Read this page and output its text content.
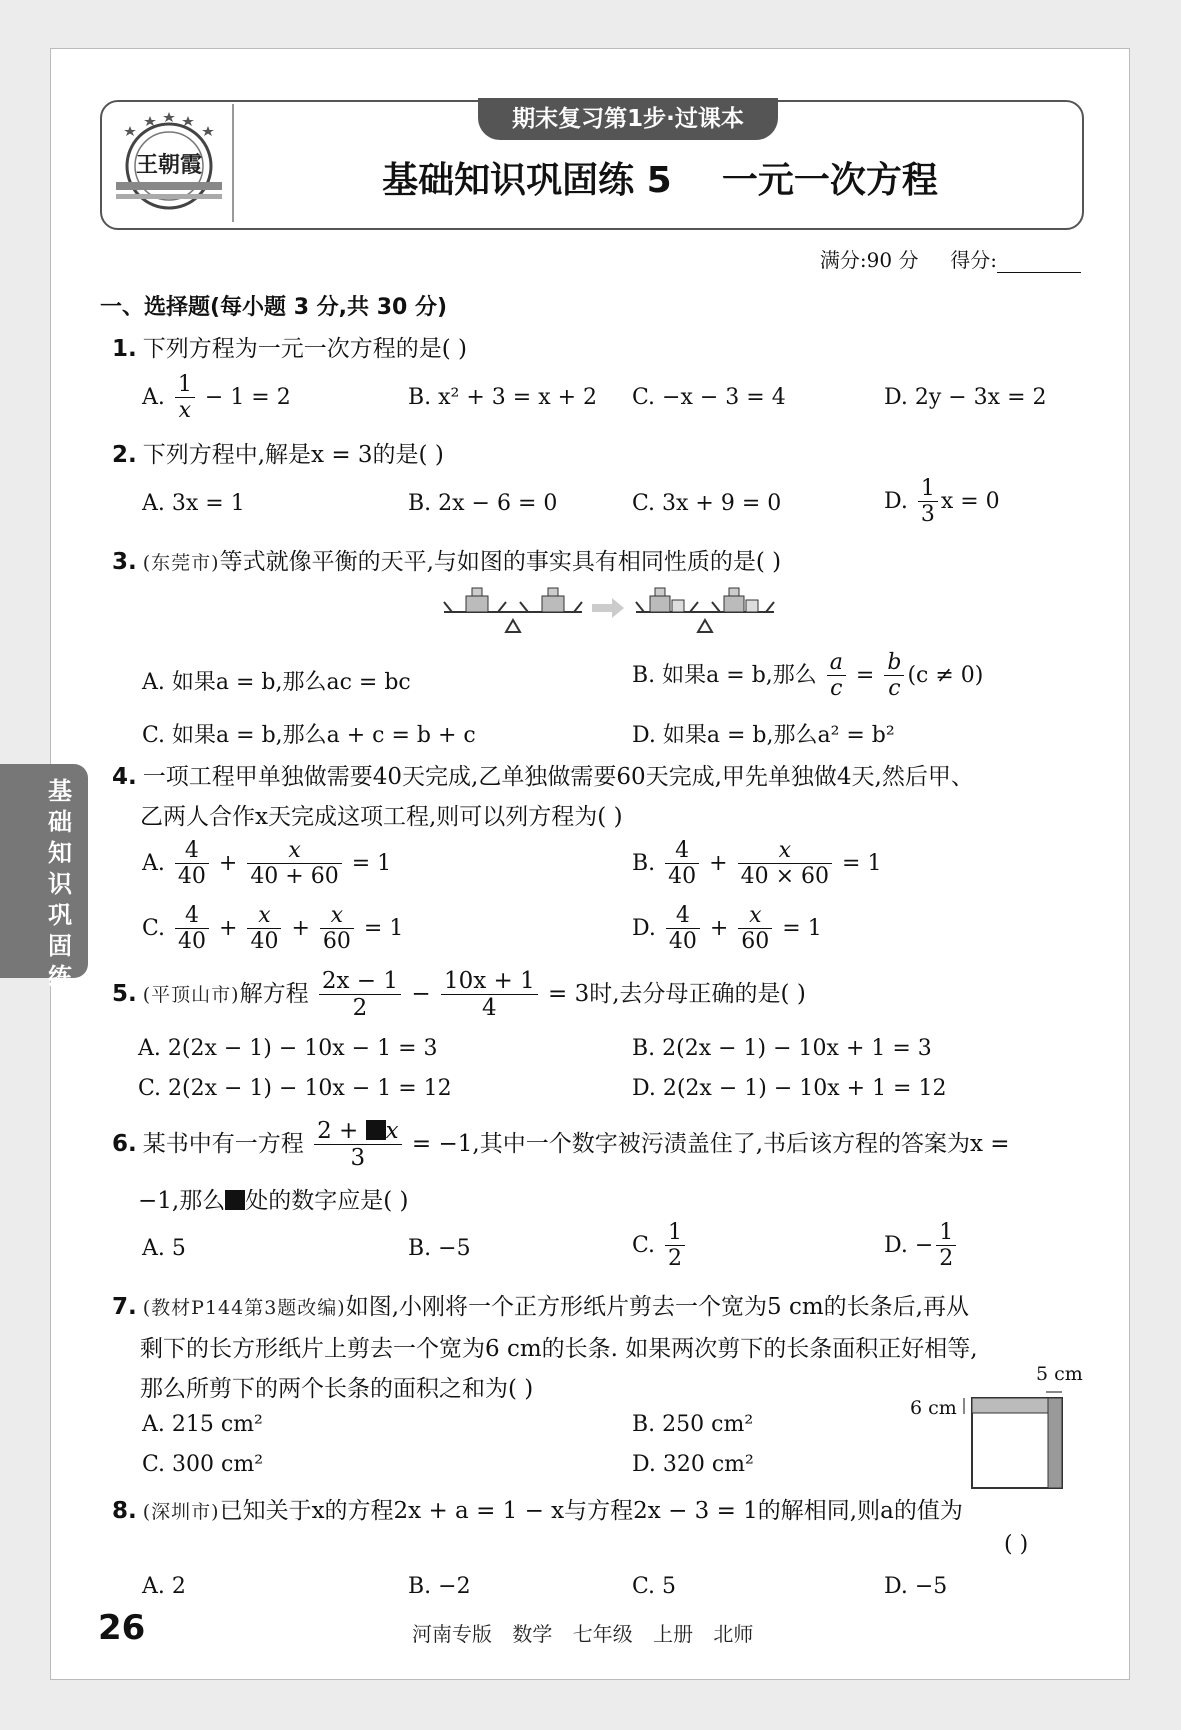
王朝霞
期末复习第1步·过课本
基础知识巩固练 5    一元一次方程
满分:90 分 得分:
一、选择题(每小题 3 分,共 30 分)
1. 下列方程为一元一次方程的是( )
A. $\frac{1}{x} - 1 = 2$	B. x² + 3 = x + 2 C. −x − 3 = 4	D. 2y − 3x = 2
2. 下列方程中,解是x = 3的是( )
A. 3x = 1	B. 2x − 6 = 0	C. 3x + 9 = 0	D. $\frac{1}{3}$ x = 0
3. (东莞市)等式就像平衡的天平,与如图的事实具有相同性质的是( )
A. 如果a = b,那么ac = bc	B. 如果a = b,那么 $\frac{a}{c} = \frac{b}{c} (c \ne 0)$
C. 如果a = b,那么a + c = b + c	D. 如果a = b,那么a² = b²
4. 一项工程甲单独做需要40天完成,乙单独做需要60天完成,甲先单独做4天,然后甲、
乙两人合作x天完成这项工程,则可以列方程为( )
A. $\frac{4}{40} + \frac{x}{40 + 60} = 1$	B. $\frac{4}{40} + \frac{x}{40 \times 60} = 1$
C. $\frac{4}{40} + \frac{x}{40} + \frac{x}{60} = 1$	D. $\frac{4}{40} + \frac{x}{60} = 1$
5. (平顶山市)解方程 $\frac{2x - 1}{2} - \frac{10x + 1}{4} = 3$时,去分母正确的是( )
A. 2(2x − 1) − 10x − 1 = 3	B. 2(2x − 1) − 10x + 1 = 3
C. 2(2x − 1) − 10x − 1 = 12	D. 2(2x − 1) − 10x + 1 = 12
6. 某书中有一方程 $\frac{2 + x}{3} = -1$,其中一个数字被污渍盖住了,书后该方程的答案为x =
−1,那么 处的数字应是( )
A. 5	B. −5	C. $\frac{1}{2}$	D. − $\frac{1}{2}$
7. (教材P144第3题改编)如图,小刚将一个正方形纸片剪去一个宽为5 cm的长条后,再从
剩下的长方形纸片上剪去一个宽为6 cm的长条. 如果两次剪下的长条面积正好相等,
那么所剪下的两个长条的面积之和为( )
A. 215 cm²	B. 250 cm²
C. 300 cm²	D. 320 cm²
5 cm
6 cm
8. (深圳市)已知关于x的方程2x + a = 1 − x与方程2x − 3 = 1的解相同,则a的值为
( )
A. 2	B. −2	C. 5	D. −5
基础知识巩固练
26	河南专版 数学 七年级 上册 北师
